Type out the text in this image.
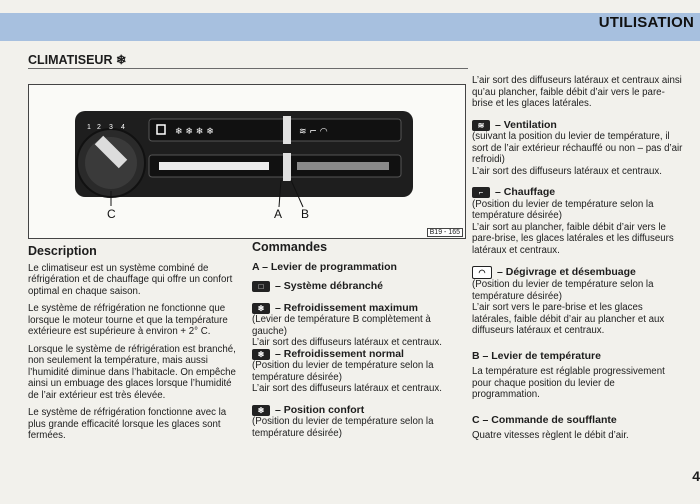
UTILISATION
CLIMATISEUR ❄
1 2 3 4	❄ ❄ ❄ ❄	≋ ⌐ ◠
C	A B
B19 - 165
Description

Le climatiseur est un système combiné de réfrigération et de chauffage qui offre un confort optimal en chaque saison.

Le système de réfrigération ne fonctionne que lorsque le moteur tourne et que la température extérieure est supérieure à environ + 2° C.

Lorsque le système de réfrigération est branché, non seulement la température, mais aussi l’humidité diminue dans l’habitacle. On empêche ainsi un embuage des glaces lorsque l’humidité de l’air extérieur est très élevée.

Le système de réfrigération fonctionne avec la plus grande efficacité lorsque les glaces sont fermées.

Commandes
A – Levier de programmation
□	– Système débranché
❄	– Refroidissement maximum
(Levier de température B complètement à gauche)
L’air sort des diffuseurs latéraux et centraux.
❄	– Refroidissement normal
(Position du levier de température selon la température désirée)
L’air sort des diffuseurs latéraux et centraux.
❄	– Position confort
(Position du levier de température selon la température désirée)
L’air sort des diffuseurs latéraux et centraux ainsi qu’au plancher, faible débit d’air vers le pare-brise et les glaces latérales.
≋	– Ventilation
(suivant la position du levier de température, il sort de l’air extérieur réchauffé ou non – pas d’air refroidi)
L’air sort des diffuseurs latéraux et centraux.
⌐	– Chauffage
(Position du levier de température selon la température désirée)
L’air sort au plancher, faible débit d’air vers le pare-brise, les glaces latérales et les diffuseurs latéraux et centraux.
◠	– Dégivrage et désembuage
(Position du levier de température selon la température désirée)
L’air sort vers le pare-brise et les glaces latérales, faible débit d’air au plancher et aux diffuseurs latéraux et centraux.
B – Levier de température
La température est réglable progressivement pour chaque position du levier de programmation.
C – Commande de soufflante
Quatre vitesses règlent le débit d’air.
4
